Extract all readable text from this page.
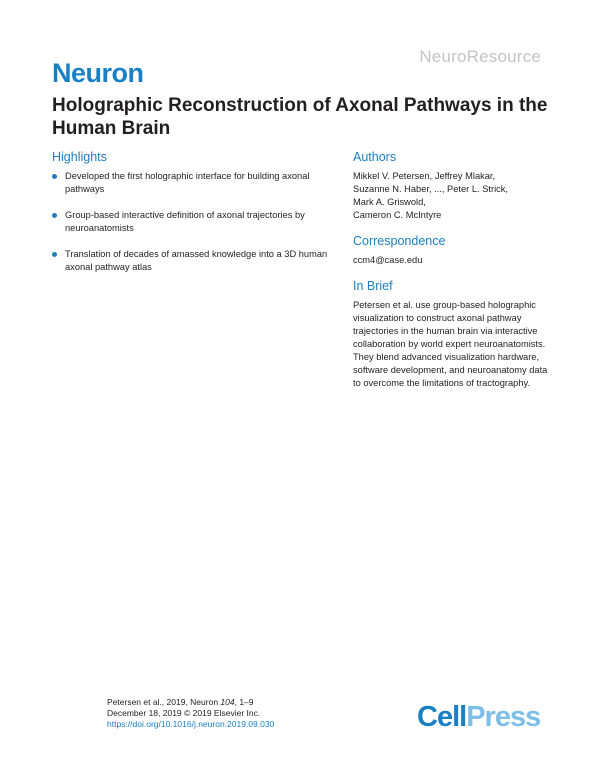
NeuroResource
Neuron
Holographic Reconstruction of Axonal Pathways in the Human Brain
Highlights
Developed the first holographic interface for building axonal pathways
Group-based interactive definition of axonal trajectories by neuroanatomists
Translation of decades of amassed knowledge into a 3D human axonal pathway atlas
Authors

Mikkel V. Petersen, Jeffrey Mlakar,

Suzanne N. Haber, ..., Peter L. Strick,

Mark A. Griswold,

Cameron C. McIntyre

Correspondence

ccm4@case.edu

In Brief

Petersen et al. use group-based holographic visualization to construct axonal pathway trajectories in the human brain via interactive collaboration by world expert neuroanatomists. They blend advanced visualization hardware, software development, and neuroanatomy data to overcome the limitations of tractography.

Petersen et al., 2019, Neuron 104, 1–9
December 18, 2019 © 2019 Elsevier Inc.
https://doi.org/10.1016/j.neuron.2019.09.030	CellPress
